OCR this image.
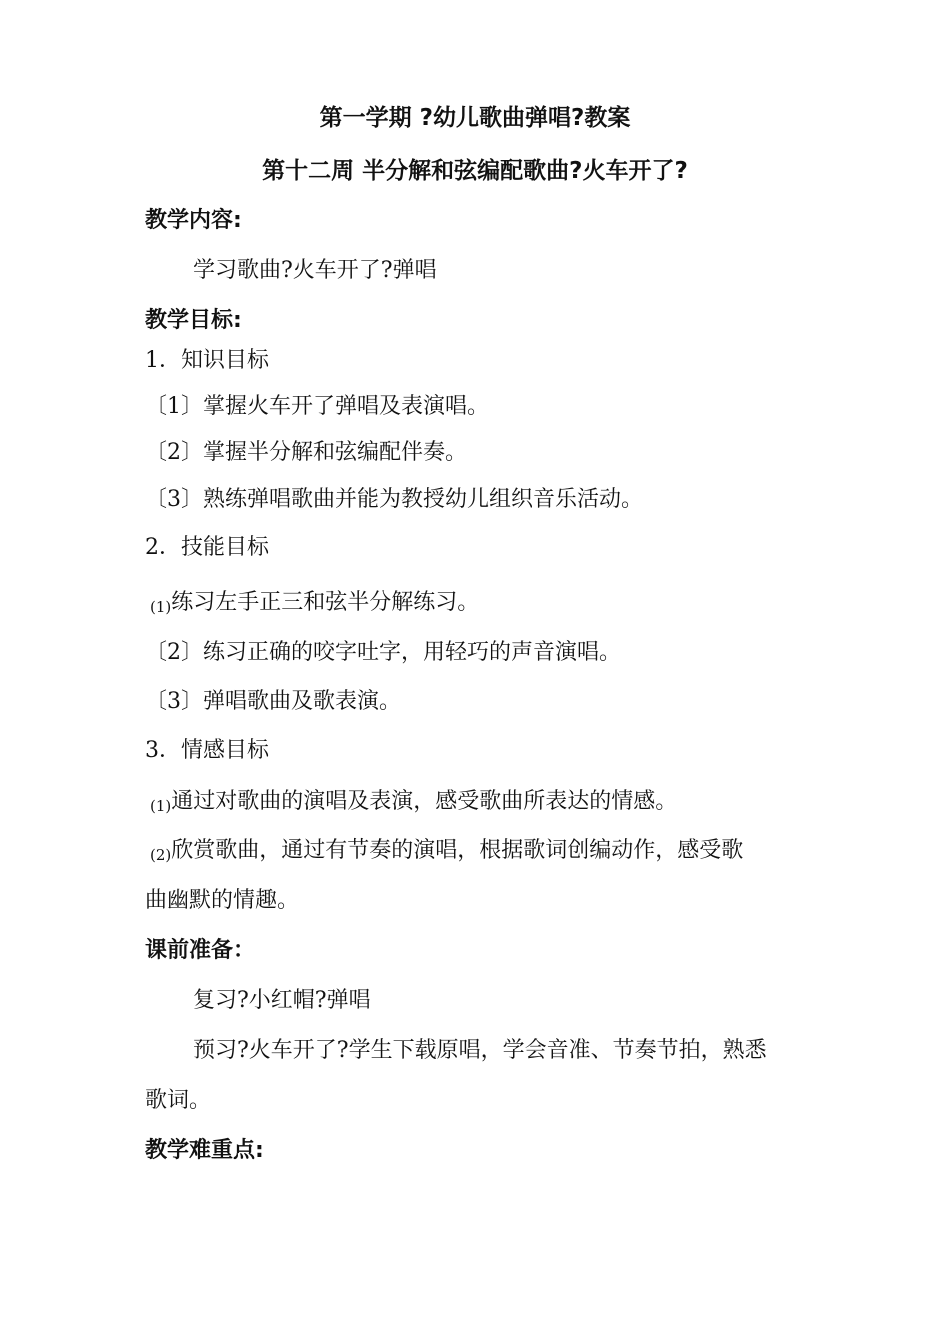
第一学期 ?幼儿歌曲弹唱?教案
第十二周 半分解和弦编配歌曲?火车开了?
教学内容:
学习歌曲?火车开了?弹唱
教学目标:
1．知识目标
〔1〕掌握火车开了弹唱及表演唱。
〔2〕掌握半分解和弦编配伴奏。
〔3〕熟练弹唱歌曲并能为教授幼儿组织音乐活动。
2．技能目标
(1)练习左手正三和弦半分解练习。
〔2〕练习正确的咬字吐字，用轻巧的声音演唱。
〔3〕弹唱歌曲及歌表演。
3．情感目标
(1)通过对歌曲的演唱及表演，感受歌曲所表达的情感。
(2)欣赏歌曲，通过有节奏的演唱，根据歌词创编动作，感受歌
曲幽默的情趣。
课前准备：
复习?小红帽?弹唱
预习?火车开了?学生下载原唱，学会音准、节奏节拍，熟悉
歌词。
教学难重点:
